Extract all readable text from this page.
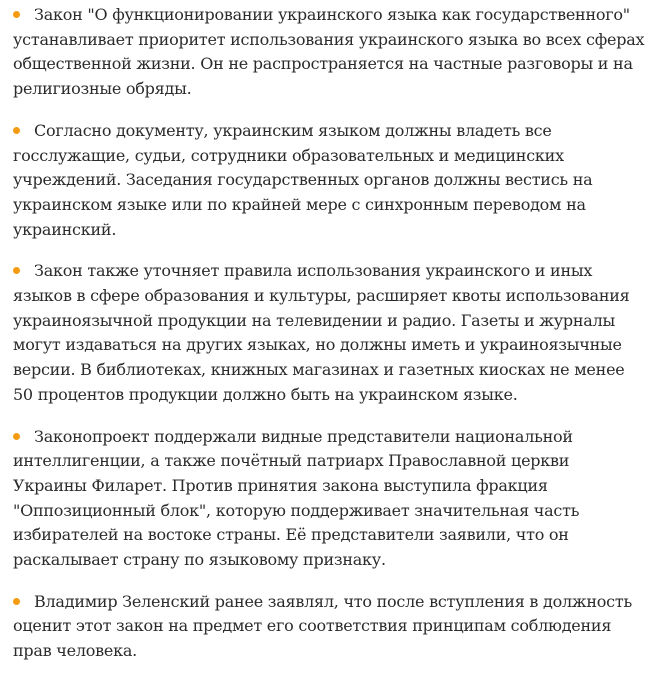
Закон "О функционировании украинского языка как государственного" устанавливает приоритет использования украинского языка во всех сферах общественной жизни. Он не распространяется на частные разговоры и на религиозные обряды.
Согласно документу, украинским языком должны владеть все госслужащие, судьи, сотрудники образовательных и медицинских учреждений. Заседания государственных органов должны вестись на украинском языке или по крайней мере с синхронным переводом на украинский.
Закон также уточняет правила использования украинского и иных языков в сфере образования и культуры, расширяет квоты использования украиноязычной продукции на телевидении и радио. Газеты и журналы могут издаваться на других языках, но должны иметь и украиноязычные версии. В библиотеках, книжных магазинах и газетных киосках не менее 50 процентов продукции должно быть на украинском языке.
Законопроект поддержали видные представители национальной интеллигенции, а также почётный патриарх Православной церкви Украины Филарет. Против принятия закона выступила фракция "Оппозиционный блок", которую поддерживает значительная часть избирателей на востоке страны. Её представители заявили, что он раскалывает страну по языковому признаку.
Владимир Зеленский ранее заявлял, что после вступления в должность оценит этот закон на предмет его соответствия принципам соблюдения прав человека.
